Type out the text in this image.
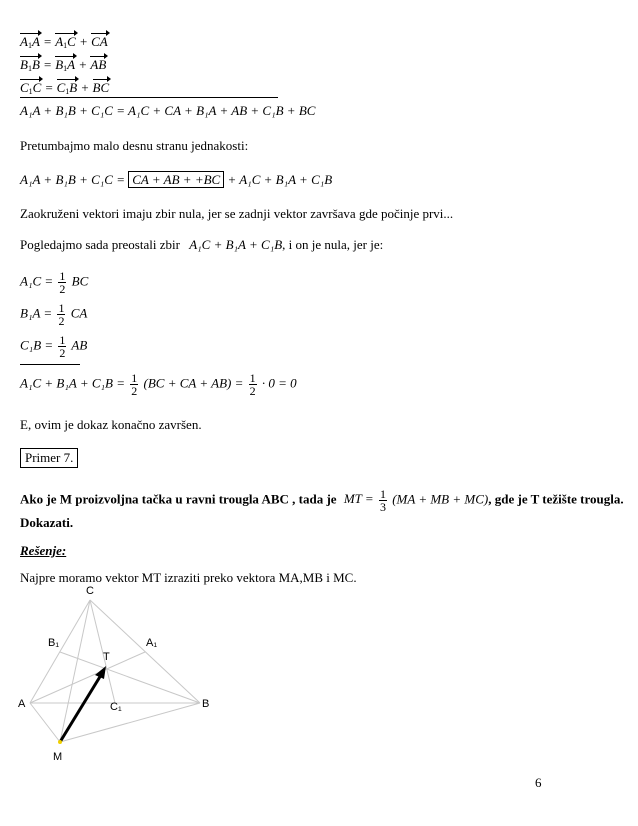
$A_1A = A_1C$ + CA
$B_1B = B_1A$ + AB
$C_1C = C_1B$ + BC
A₁A + B₁B + C₁C = A₁C + CA + B₁A + AB + C₁B + BC
Pretumbajmo malo desnu stranu jednakosti:
A₁A + B₁B + C₁C = CA + AB + +BC + A₁C + B₁A + C₁B
Zaokruženi vektori imaju zbir nula, jer se zadnji vektor završava gde počinje prvi...
Pogledajmo sada preostali zbir A₁C + B₁A + C₁B, i on je nula, jer je:
$A_1C = \frac{1}{2}$ BC
$B_1A = \frac{1}{2}$ CA
$C_1B = \frac{1}{2}$ AB
$A_1C + B_1A + C_1B = \frac{1}{2} (BC$ + CA + $AB) = \frac{1}{2} \cdot 0 = 0$
E, ovim je dokaz konačno završen.
Primer 7.
Ako je M proizvoljna tačka u ravni trougla ABC , tada je MT = $\frac{1}{3} (MA$ + MB + MC), gde je T težište trougla.
Dokazati.
Rešenje:
Najpre moramo vektor MT izraziti preko vektora MA,MB i MC.
C
B₁	A₁
T
A	C₁	B
M
6
